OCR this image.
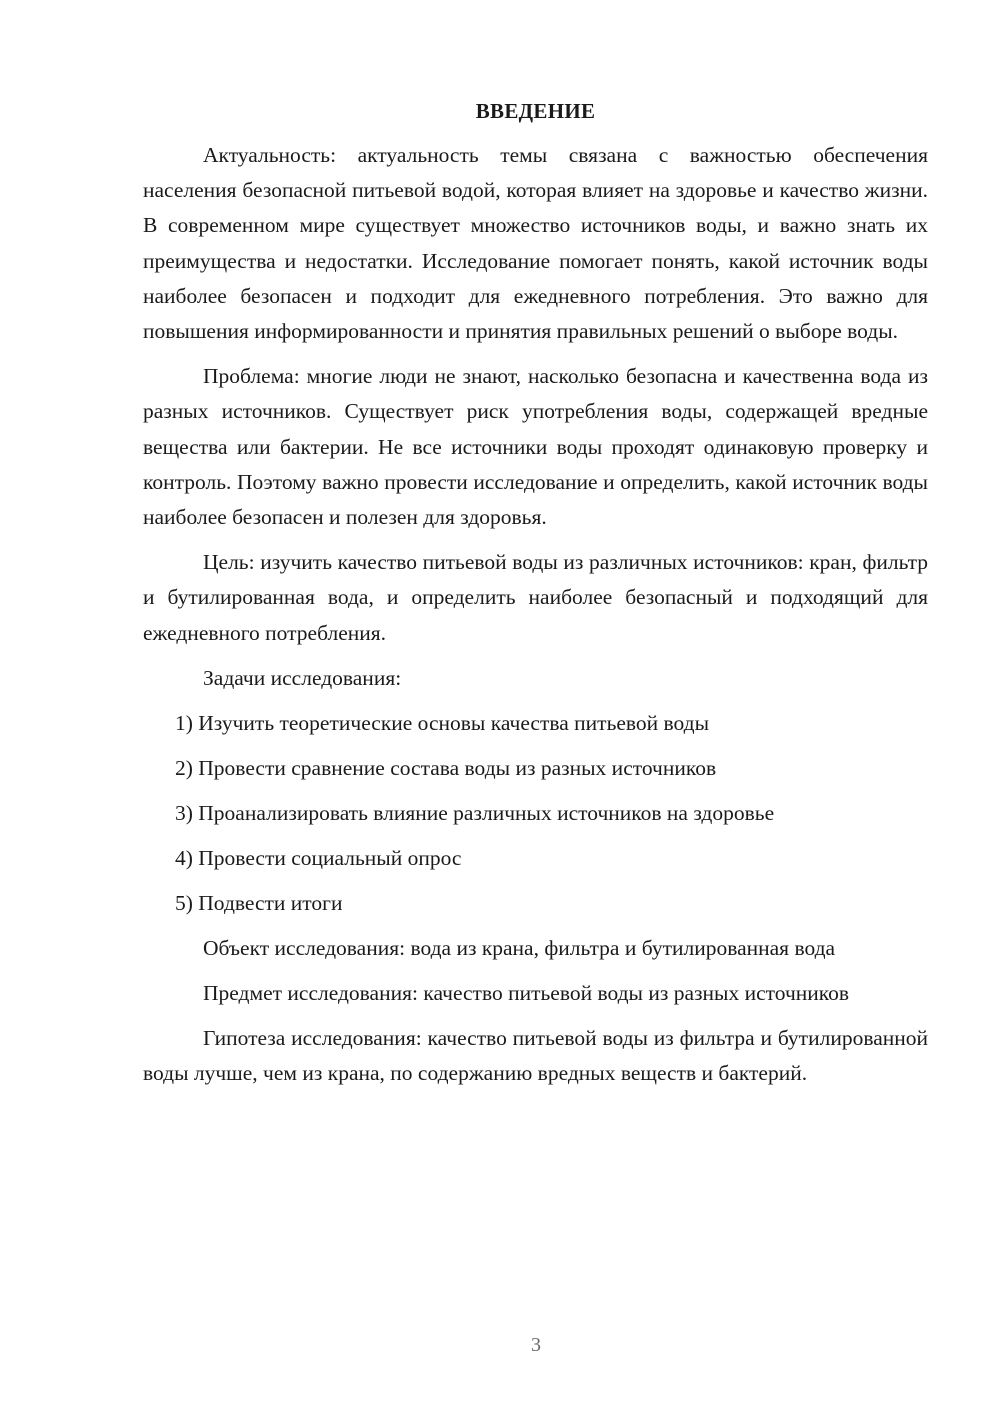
ВВЕДЕНИЕ

Актуальность: актуальность темы связана с важностью обеспечения населения безопасной питьевой водой, которая влияет на здоровье и качество жизни. В современном мире существует множество источников воды, и важно знать их преимущества и недостатки. Исследование помогает понять, какой источник воды наиболее безопасен и подходит для ежедневного потребления. Это важно для повышения информированности и принятия правильных решений о выборе воды.

Проблема: многие люди не знают, насколько безопасна и качественна вода из разных источников. Существует риск употребления воды, содержащей вредные вещества или бактерии. Не все источники воды проходят одинаковую проверку и контроль. Поэтому важно провести исследование и определить, какой источник воды наиболее безопасен и полезен для здоровья.

Цель: изучить качество питьевой воды из различных источников: кран, фильтр и бутилированная вода, и определить наиболее безопасный и подходящий для ежедневного потребления.

Задачи исследования:
1) Изучить теоретические основы качества питьевой воды
2) Провести сравнение состава воды из разных источников
3) Проанализировать влияние различных источников на здоровье
4) Провести социальный опрос
5) Подвести итоги

Объект исследования: вода из крана, фильтра и бутилированная вода

Предмет исследования: качество питьевой воды из разных источников

Гипотеза исследования: качество питьевой воды из фильтра и бутилированной воды лучше, чем из крана, по содержанию вредных веществ и бактерий.

3
